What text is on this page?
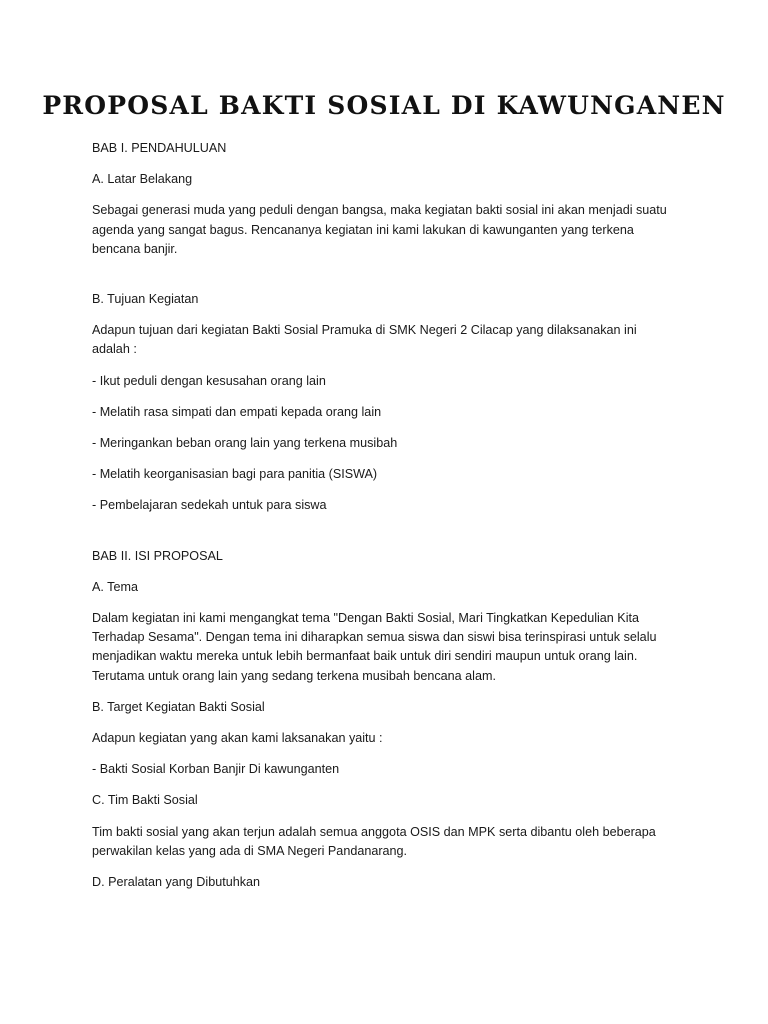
PROPOSAL BAKTI SOSIAL DI KAWUNGANEN

BAB I. PENDAHULUAN

A. Latar Belakang

Sebagai generasi muda yang peduli dengan bangsa, maka kegiatan bakti sosial ini akan menjadi suatu agenda yang sangat bagus. Rencananya kegiatan ini kami lakukan di kawunganten yang terkena bencana banjir.

B. Tujuan Kegiatan

Adapun tujuan dari kegiatan Bakti Sosial Pramuka di SMK Negeri 2 Cilacap yang dilaksanakan ini adalah :

- Ikut peduli dengan kesusahan orang lain

- Melatih rasa simpati dan empati kepada orang lain

- Meringankan beban orang lain yang terkena musibah

- Melatih keorganisasian bagi para panitia (SISWA)

- Pembelajaran sedekah untuk para siswa

BAB II. ISI PROPOSAL

A. Tema

Dalam kegiatan ini kami mengangkat tema "Dengan Bakti Sosial, Mari Tingkatkan Kepedulian Kita Terhadap Sesama". Dengan tema ini diharapkan semua siswa dan siswi bisa terinspirasi untuk selalu menjadikan waktu mereka untuk lebih bermanfaat baik untuk diri sendiri maupun untuk orang lain. Terutama untuk orang lain yang sedang terkena musibah bencana alam.

B. Target Kegiatan Bakti Sosial

Adapun kegiatan yang akan kami laksanakan yaitu :

- Bakti Sosial Korban Banjir Di kawunganten

C. Tim Bakti Sosial

Tim bakti sosial yang akan terjun adalah semua anggota OSIS dan MPK serta dibantu oleh beberapa perwakilan kelas yang ada di SMA Negeri Pandanarang.

D. Peralatan yang Dibutuhkan
